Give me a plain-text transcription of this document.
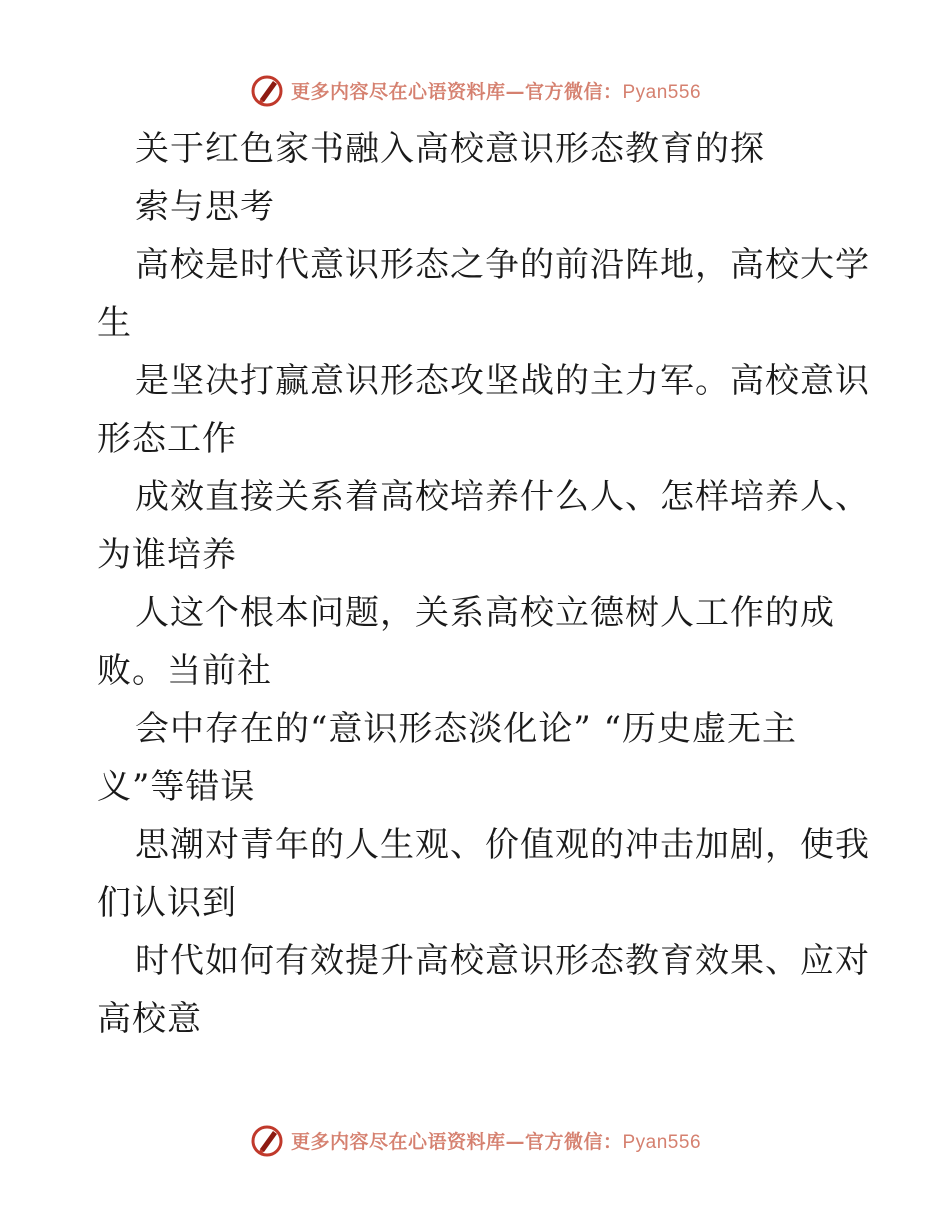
更多内容尽在心语资料库—官方微信：Pyan556
关于红色家书融入高校意识形态教育的探
索与思考
高校是时代意识形态之争的前沿阵地，高校大学
生
是坚决打赢意识形态攻坚战的主力军。高校意识
形态工作
成效直接关系着高校培养什么人、怎样培养人、
为谁培养
人这个根本问题，关系高校立德树人工作的成
败。当前社
会中存在的“意识形态淡化论” “历史虚无主
义”等错误
思潮对青年的人生观、价值观的冲击加剧，使我
们认识到
时代如何有效提升高校意识形态教育效果、应对
高校意
更多内容尽在心语资料库—官方微信：Pyan556
